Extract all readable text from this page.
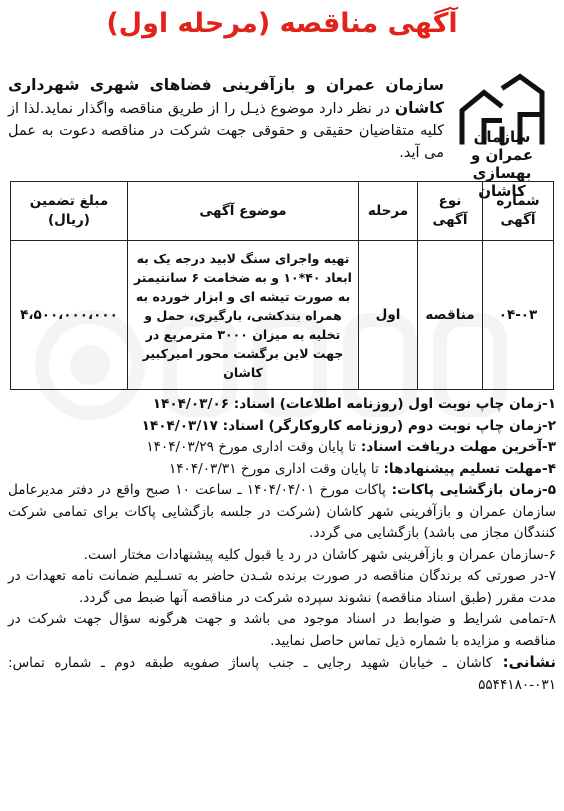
آگهی مناقصه (مرحله اول)
سازمان عمران و بهسازی کاشان
سازمان عمران و بازآفرینی فضاهای شهری شهرداری کاشان در نظر دارد موضوع ذیـل را از طریق مناقصه واگذار نماید.لذا از کلیه متقاضیان حقیقی و حقوقی جهت شرکت در مناقصه دعوت به عمل می آید.
شماره آگهی	نوع آگهی	مرحله	موضوع آگهی	مبلغ تضمین (ریال)
۰۴-۰۳	مناقصه	اول	تهیه واجرای سنگ لابید درجه یک به ابعاد ۴۰*۱۰ و به ضخامت ۶ سانتیمتر به صورت تیشه ای و ابزار خورده به همراه بندکشی، بارگیری، حمل و تخلیه به میزان ۳۰۰۰ مترمربع در جهت لاین برگشت محور امیرکبیر کاشان	۴،۵۰۰،۰۰۰،۰۰۰

۱-زمان چاپ نوبت اول (روزنامه اطلاعات) اسناد: ۱۴۰۴/۰۳/۰۶

۲-زمان چاپ نوبت دوم (روزنامه کاروکارگر) اسناد: ۱۴۰۴/۰۳/۱۷

۳-آخرین مهلت دریافت اسناد: تا پایان وقت اداری مورخ ۱۴۰۴/۰۳/۲۹

۴-مهلت تسلیم پیشنهادها: تا پایان وقت اداری مورخ ۱۴۰۴/۰۳/۳۱

۵-زمان بازگشایی پاکات: پاکات مورخ ۱۴۰۴/۰۴/۰۱ ـ ساعت ۱۰ صبح واقع در دفتر مدیرعامل سازمان عمران و بازآفرینی شهر کاشان (شرکت در جلسه بازگشایی پاکات برای تمامی شرکت کنندگان مجاز می باشد) بازگشایی می گردد.

۶-سازمان عمران و بازآفرینی شهر کاشان در رد یا قبول کلیه پیشنهادات مختار است.

۷-در صورتی که برندگان مناقصه در صورت برنده شـدن حاضر به تسـلیم ضمانت نامه تعهدات در مدت مقرر (طبق اسناد مناقصه) نشوند سپرده شرکت در مناقصه آنها ضبط می گردد.

۸-تمامی شرایط و ضوابط در اسناد موجود می باشد و جهت هرگونه سؤال جهت شرکت در مناقصه و مزایده با شماره ذیل تماس حاصل نمایید.

نشانی: کاشان ـ خیابان شهید رجایی ـ جنب پاساژ صفویه طبقه دوم ـ شماره تماس: ۰۳۱-۵۵۴۴۱۸۰
